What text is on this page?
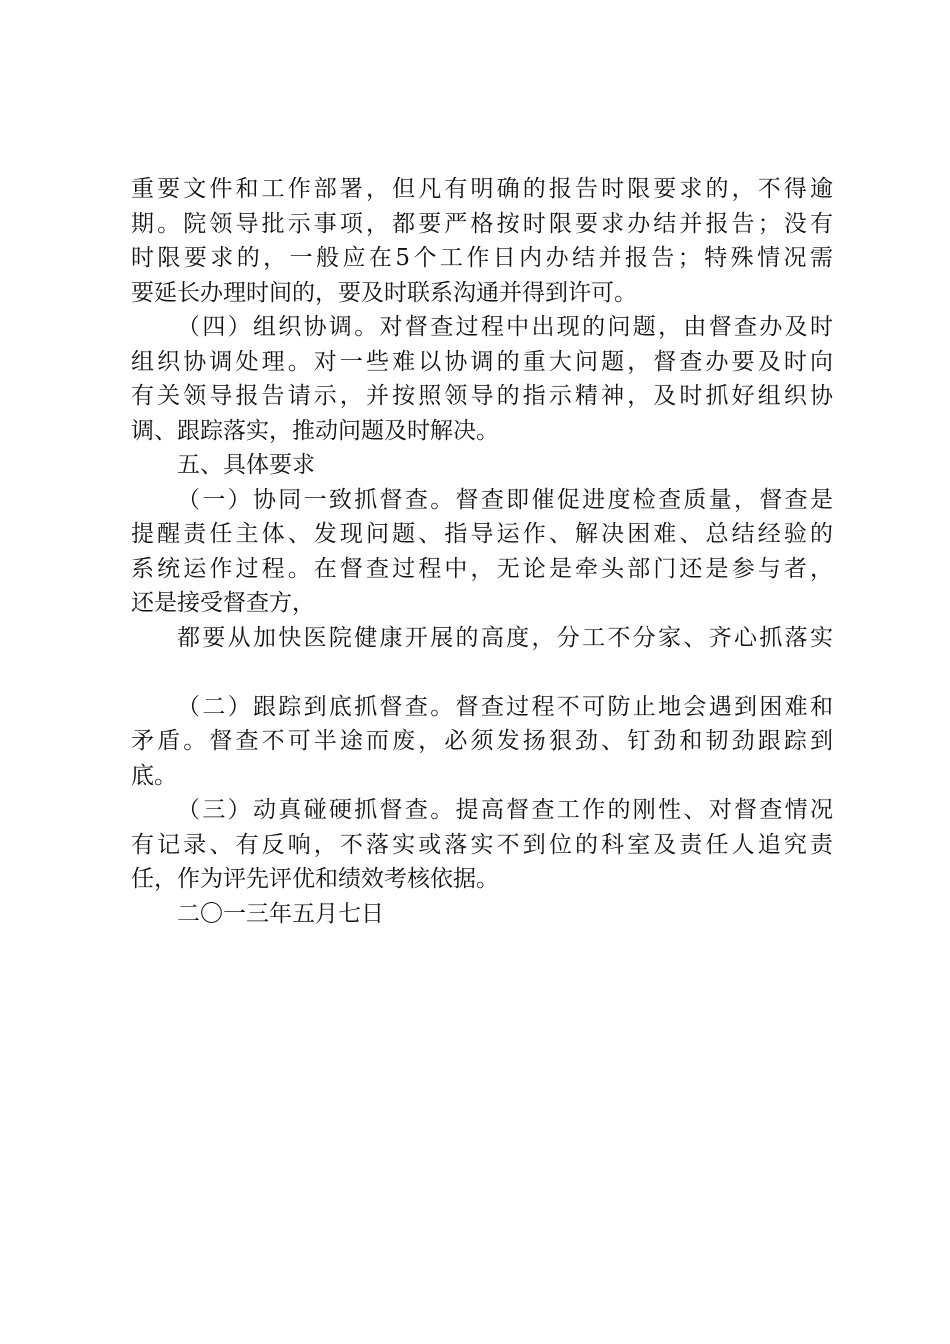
重要文件和工作部署，但凡有明确的报告时限要求的，不得逾
期。院领导批示事项，都要严格按时限要求办结并报告；没有
时限要求的，一般应在5个工作日内办结并报告；特殊情况需
要延长办理时间的，要及时联系沟通并得到许可。
（四）组织协调。对督查过程中出现的问题，由督查办及时
组织协调处理。对一些难以协调的重大问题，督查办要及时向
有关领导报告请示，并按照领导的指示精神，及时抓好组织协
调、跟踪落实，推动问题及时解决。
五、具体要求
（一）协同一致抓督查。督查即催促进度检查质量，督查是
提醒责任主体、发现问题、指导运作、解决困难、总结经验的
系统运作过程。在督查过程中，无论是牵头部门还是参与者，
还是接受督查方，
都要从加快医院健康开展的高度，分工不分家、齐心抓落实
（二）跟踪到底抓督查。督查过程不可防止地会遇到困难和
矛盾。督查不可半途而废，必须发扬狠劲、钉劲和韧劲跟踪到
底。
（三）动真碰硬抓督查。提高督查工作的刚性、对督查情况
有记录、有反响，不落实或落实不到位的科室及责任人追究责
任，作为评先评优和绩效考核依据。
二〇一三年五月七日
